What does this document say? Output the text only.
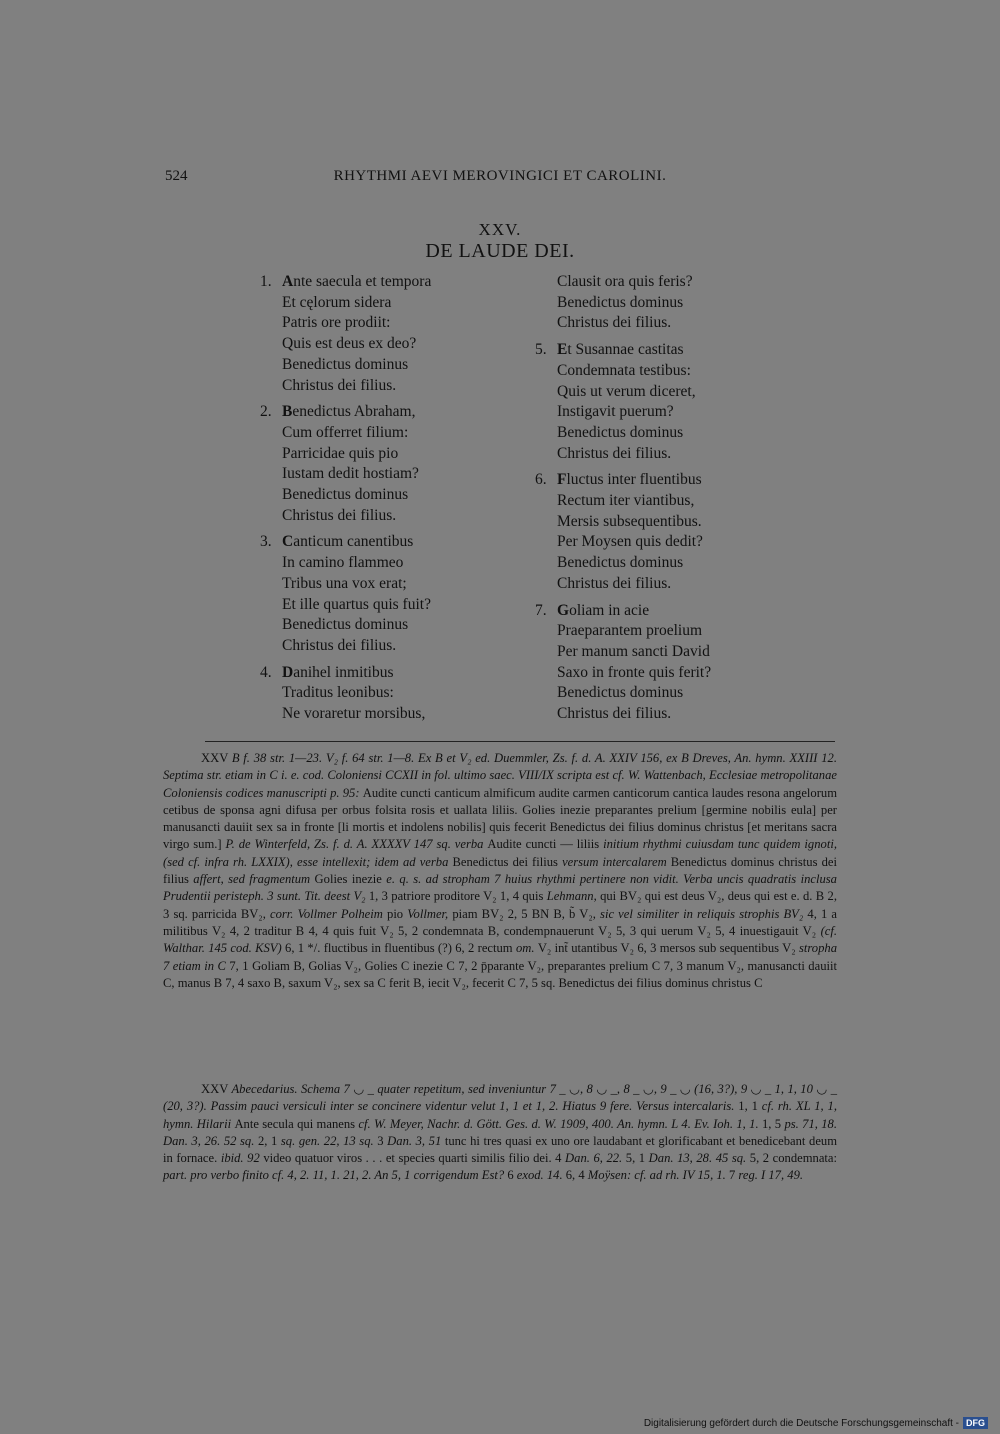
524	RHYTHMI AEVI MEROVINGICI ET CAROLINI.
XXV.
DE LAUDE DEI.
1. Ante saecula et tempora
Et cęlorum sidera
Patris ore prodiit:
Quis est deus ex deo?
Benedictus dominus
Christus dei filius.
2. Benedictus Abraham,
Cum offerret filium:
Parricidae quis pio
Iustam dedit hostiam?
Benedictus dominus
Christus dei filius.
3. Canticum canentibus
In camino flammeo
Tribus una vox erat;
Et ille quartus quis fuit?
Benedictus dominus
Christus dei filius.
4. Danihel inmitibus
Traditus leonibus:
Ne voraretur morsibus,
Clausit ora quis feris?
Benedictus dominus
Christus dei filius.
5. Et Susannae castitas
Condemnata testibus:
Quis ut verum diceret,
Instigavit puerum?
Benedictus dominus
Christus dei filius.
6. Fluctus inter fluentibus
Rectum iter viantibus,
Mersis subsequentibus.
Per Moysen quis dedit?
Benedictus dominus
Christus dei filius.
7. Goliam in acie
Praeparantem proelium
Per manum sancti David
Saxo in fronte quis ferit?
Benedictus dominus
Christus dei filius.
XXV B f. 38 str. 1—23. V₂ f. 64 str. 1—8. Ex B et V₂ ed. Duemmler, Zs. f. d. A. XXIV 156, ex B Dreves, An. hymn. XXIII 12. Septima str. etiam in C i. e. cod. Coloniensi CCXII in fol. ultimo saec. VIII/IX scripta est cf. W. Wattenbach, Ecclesiae metropolitanae Coloniensis codices manuscripti p. 95: Audite cuncti canticum almificum audite carmen canticorum cantica laudes resona angelorum cetibus de sponsa agni difusa per orbus folsita rosis et uallata liliis. Golies inezie preparantes prelium [germine nobilis eula] per manusancti dauiit sex sa in fronte [li mortis et indolens nobilis] quis fecerit Benedictus dei filius dominus christus [et meritans sacra virgo sum.] P. de Winterfeld, Zs. f. d. A. XXXXV 147 sq. verba Audite cuncti — liliis initium rhythmi cuiusdam tunc quidem ignoti, (sed cf. infra rh. LXXIX), esse intellexit; idem ad verba Benedictus dei filius versum intercalarem Benedictus dominus christus dei filius affert, sed fragmentum Golies inezie e. q. s. ad stropham 7 huius rhythmi pertinere non vidit. Verba uncis quadratis inclusa Prudentii peristeph. 3 sunt. Tit. deest V₂ 1, 3 patriore proditore V₂ 1, 4 quis Lehmann, qui BV₂ qui est deus V₂, deus qui est e. d. B 2, 3 sq. parricida BV₂, corr. Vollmer Polheim pio Vollmer, piam BV₂ 2, 5 BN B, b̃ V₂, sic vel similiter in reliquis strophis BV₂ 4, 1 a militibus V₂ 4, 2 traditur B 4, 4 quis fuit V₂ 5, 2 condemnata B, condempnauerunt V₂ 5, 3 qui uerum V₂ 5, 4 inuestigauit V₂ (cf. Walthar. 145 cod. KSV) 6, 1 */. fluctibus in fluentibus (?) 6, 2 rectum om. V₂ int̃ utantibus V₂ 6, 3 mersos sub sequentibus V₂ stropha 7 etiam in C 7, 1 Goliam B, Golias V₂, Golies C inezie C 7, 2 p̄parante V₂, preparantes prelium C 7, 3 manum V₂, manusancti dauiit C, manus B 7, 4 saxo B, saxum V₂, sex sa C ferit B, iecit V₂, fecerit C 7, 5 sq. Benedictus dei filius dominus christus C
XXV Abecedarius. Schema 7 ◡ _ quater repetitum, sed inveniuntur 7 _ ◡, 8 ◡ _, 8 _ ◡, 9 _ ◡ (16, 3?), 9 ◡ _ 1, 1, 10 ◡ _ (20, 3?). Passim pauci versiculi inter se concinere videntur velut 1, 1 et 1, 2. Hiatus 9 fere. Versus intercalaris. 1, 1 cf. rh. XL 1, 1, hymn. Hilarii Ante secula qui manens cf. W. Meyer, Nachr. d. Gött. Ges. d. W. 1909, 400. An. hymn. L 4. Ev. Ioh. 1, 1. 1, 5 ps. 71, 18. Dan. 3, 26. 52 sq. 2, 1 sq. gen. 22, 13 sq. 3 Dan. 3, 51 tunc hi tres quasi ex uno ore laudabant et glorificabant et benedicebant deum in fornace. ibid. 92 video quatuor viros . . . et species quarti similis filio dei. 4 Dan. 6, 22. 5, 1 Dan. 13, 28. 45 sq. 5, 2 condemnata: part. pro verbo finito cf. 4, 2. 11, 1. 21, 2. An 5, 1 corrigendum Est? 6 exod. 14. 6, 4 Moÿsen: cf. ad rh. IV 15, 1. 7 reg. I 17, 49.
Digitalisierung gefördert durch die Deutsche Forschungsgemeinschaft - DFG
